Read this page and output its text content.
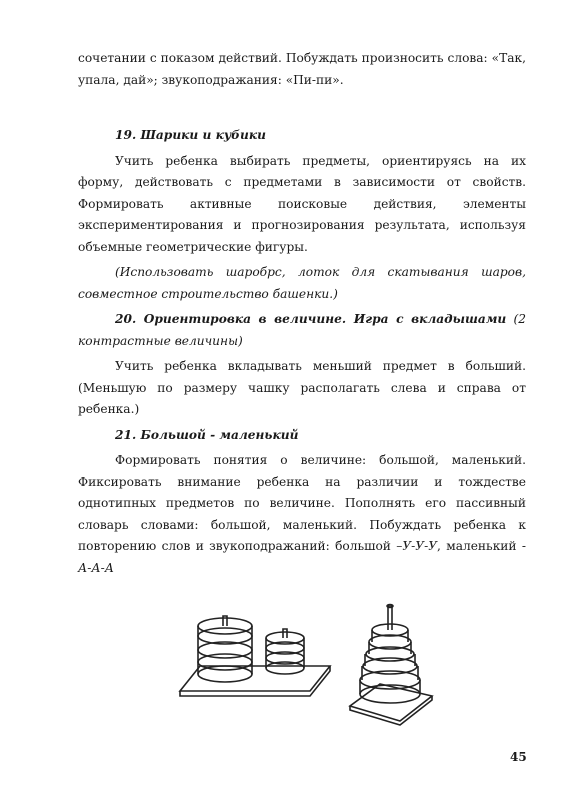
сочетании с показом действий. Побуждать произносить слова: «Так, упала, дай»; звукоподражания: «Пи-пи».

19. Шарики и кубики

Учить ребенка выбирать предметы, ориентируясь на их форму, действовать с предметами в зависимости от свойств. Формировать активные поисковые действия, элементы экспериментирования и прогнозирования результата, используя объемные геометрические фигуры.

(Использовать шаробрс, лоток для скатывания шаров, совместное строительство башенки.)

20. Ориентировка в величине. Игра с вкладышами (2 контрастные величины)

Учить ребенка вкладывать меньший предмет в больший. (Меньшую по размеру чашку располагать слева и справа от ребенка.)

21. Большой - маленький

Формировать понятия о величине: большой, маленький. Фиксировать внимание ребенка на различии и тождестве однотипных предметов по величине. Пополнять его пассивный словарь словами: большой, маленький. Побуждать ребенка к повторению слов и звукоподражаний: большой –У-У-У, маленький - А-А-А

45
